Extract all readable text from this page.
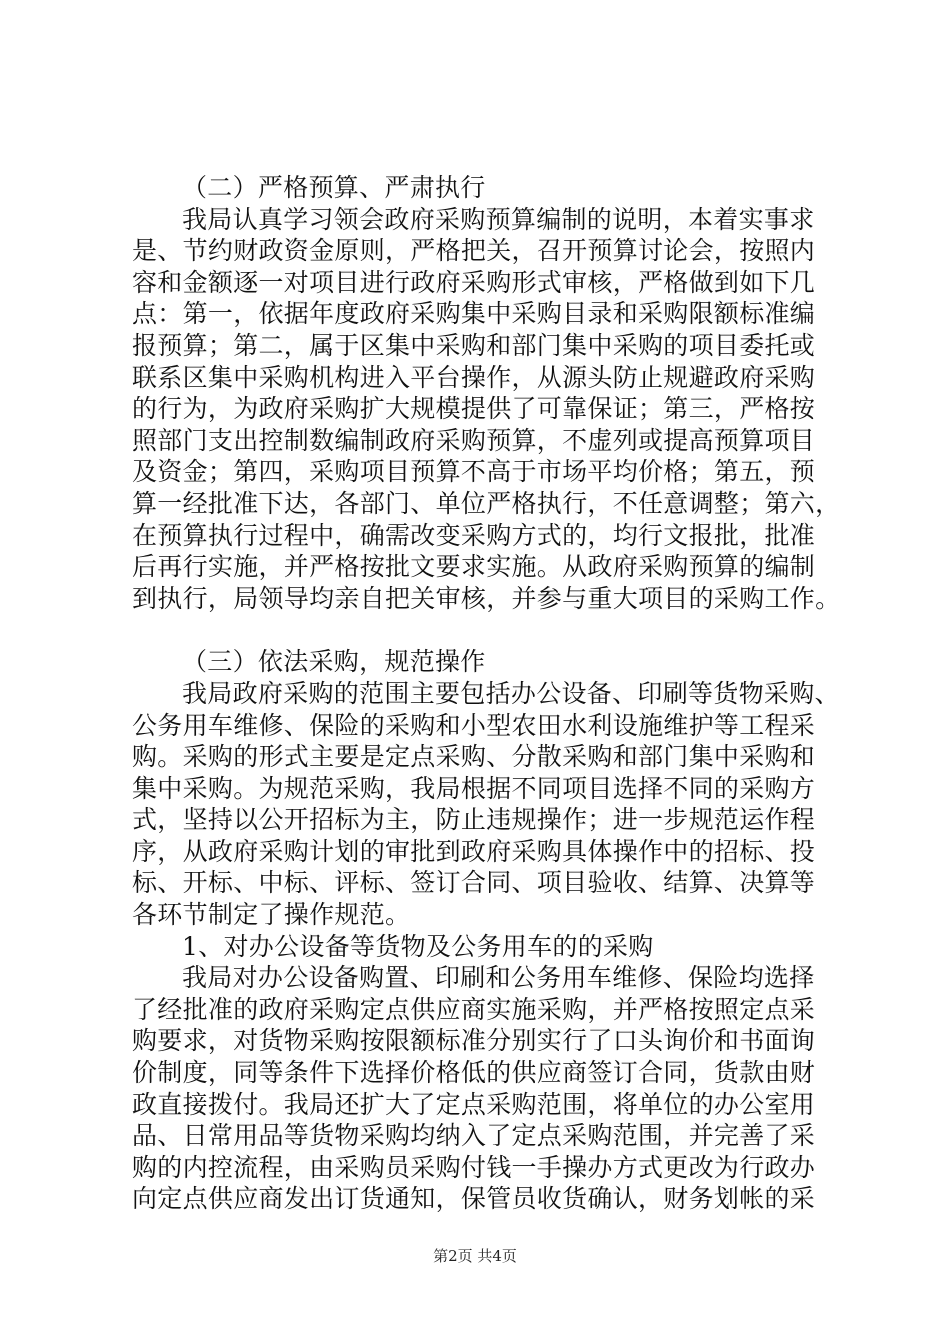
（二）严格预算、严肃执行
我局认真学习领会政府采购预算编制的说明，本着实事求
是、节约财政资金原则，严格把关，召开预算讨论会，按照内
容和金额逐一对项目进行政府采购形式审核，严格做到如下几
点：第一，依据年度政府采购集中采购目录和采购限额标准编
报预算；第二，属于区集中采购和部门集中采购的项目委托或
联系区集中采购机构进入平台操作，从源头防止规避政府采购
的行为，为政府采购扩大规模提供了可靠保证；第三，严格按
照部门支出控制数编制政府采购预算，不虚列或提高预算项目
及资金；第四，采购项目预算不高于市场平均价格；第五，预
算一经批准下达，各部门、单位严格执行，不任意调整；第六，
在预算执行过程中，确需改变采购方式的，均行文报批，批准
后再行实施，并严格按批文要求实施。从政府采购预算的编制
到执行，局领导均亲自把关审核，并参与重大项目的采购工作。
（三）依法采购，规范操作
我局政府采购的范围主要包括办公设备、印刷等货物采购、
公务用车维修、保险的采购和小型农田水利设施维护等工程采
购。采购的形式主要是定点采购、分散采购和部门集中采购和
集中采购。为规范采购，我局根据不同项目选择不同的采购方
式，坚持以公开招标为主，防止违规操作；进一步规范运作程
序，从政府采购计划的审批到政府采购具体操作中的招标、投
标、开标、中标、评标、签订合同、项目验收、结算、决算等
各环节制定了操作规范。
1、对办公设备等货物及公务用车的的采购
我局对办公设备购置、印刷和公务用车维修、保险均选择
了经批准的政府采购定点供应商实施采购，并严格按照定点采
购要求，对货物采购按限额标准分别实行了口头询价和书面询
价制度，同等条件下选择价格低的供应商签订合同，货款由财
政直接拨付。我局还扩大了定点采购范围，将单位的办公室用
品、日常用品等货物采购均纳入了定点采购范围，并完善了采
购的内控流程，由采购员采购付钱一手操办方式更改为行政办
向定点供应商发出订货通知，保管员收货确认，财务划帐的采
第2页 共4页
